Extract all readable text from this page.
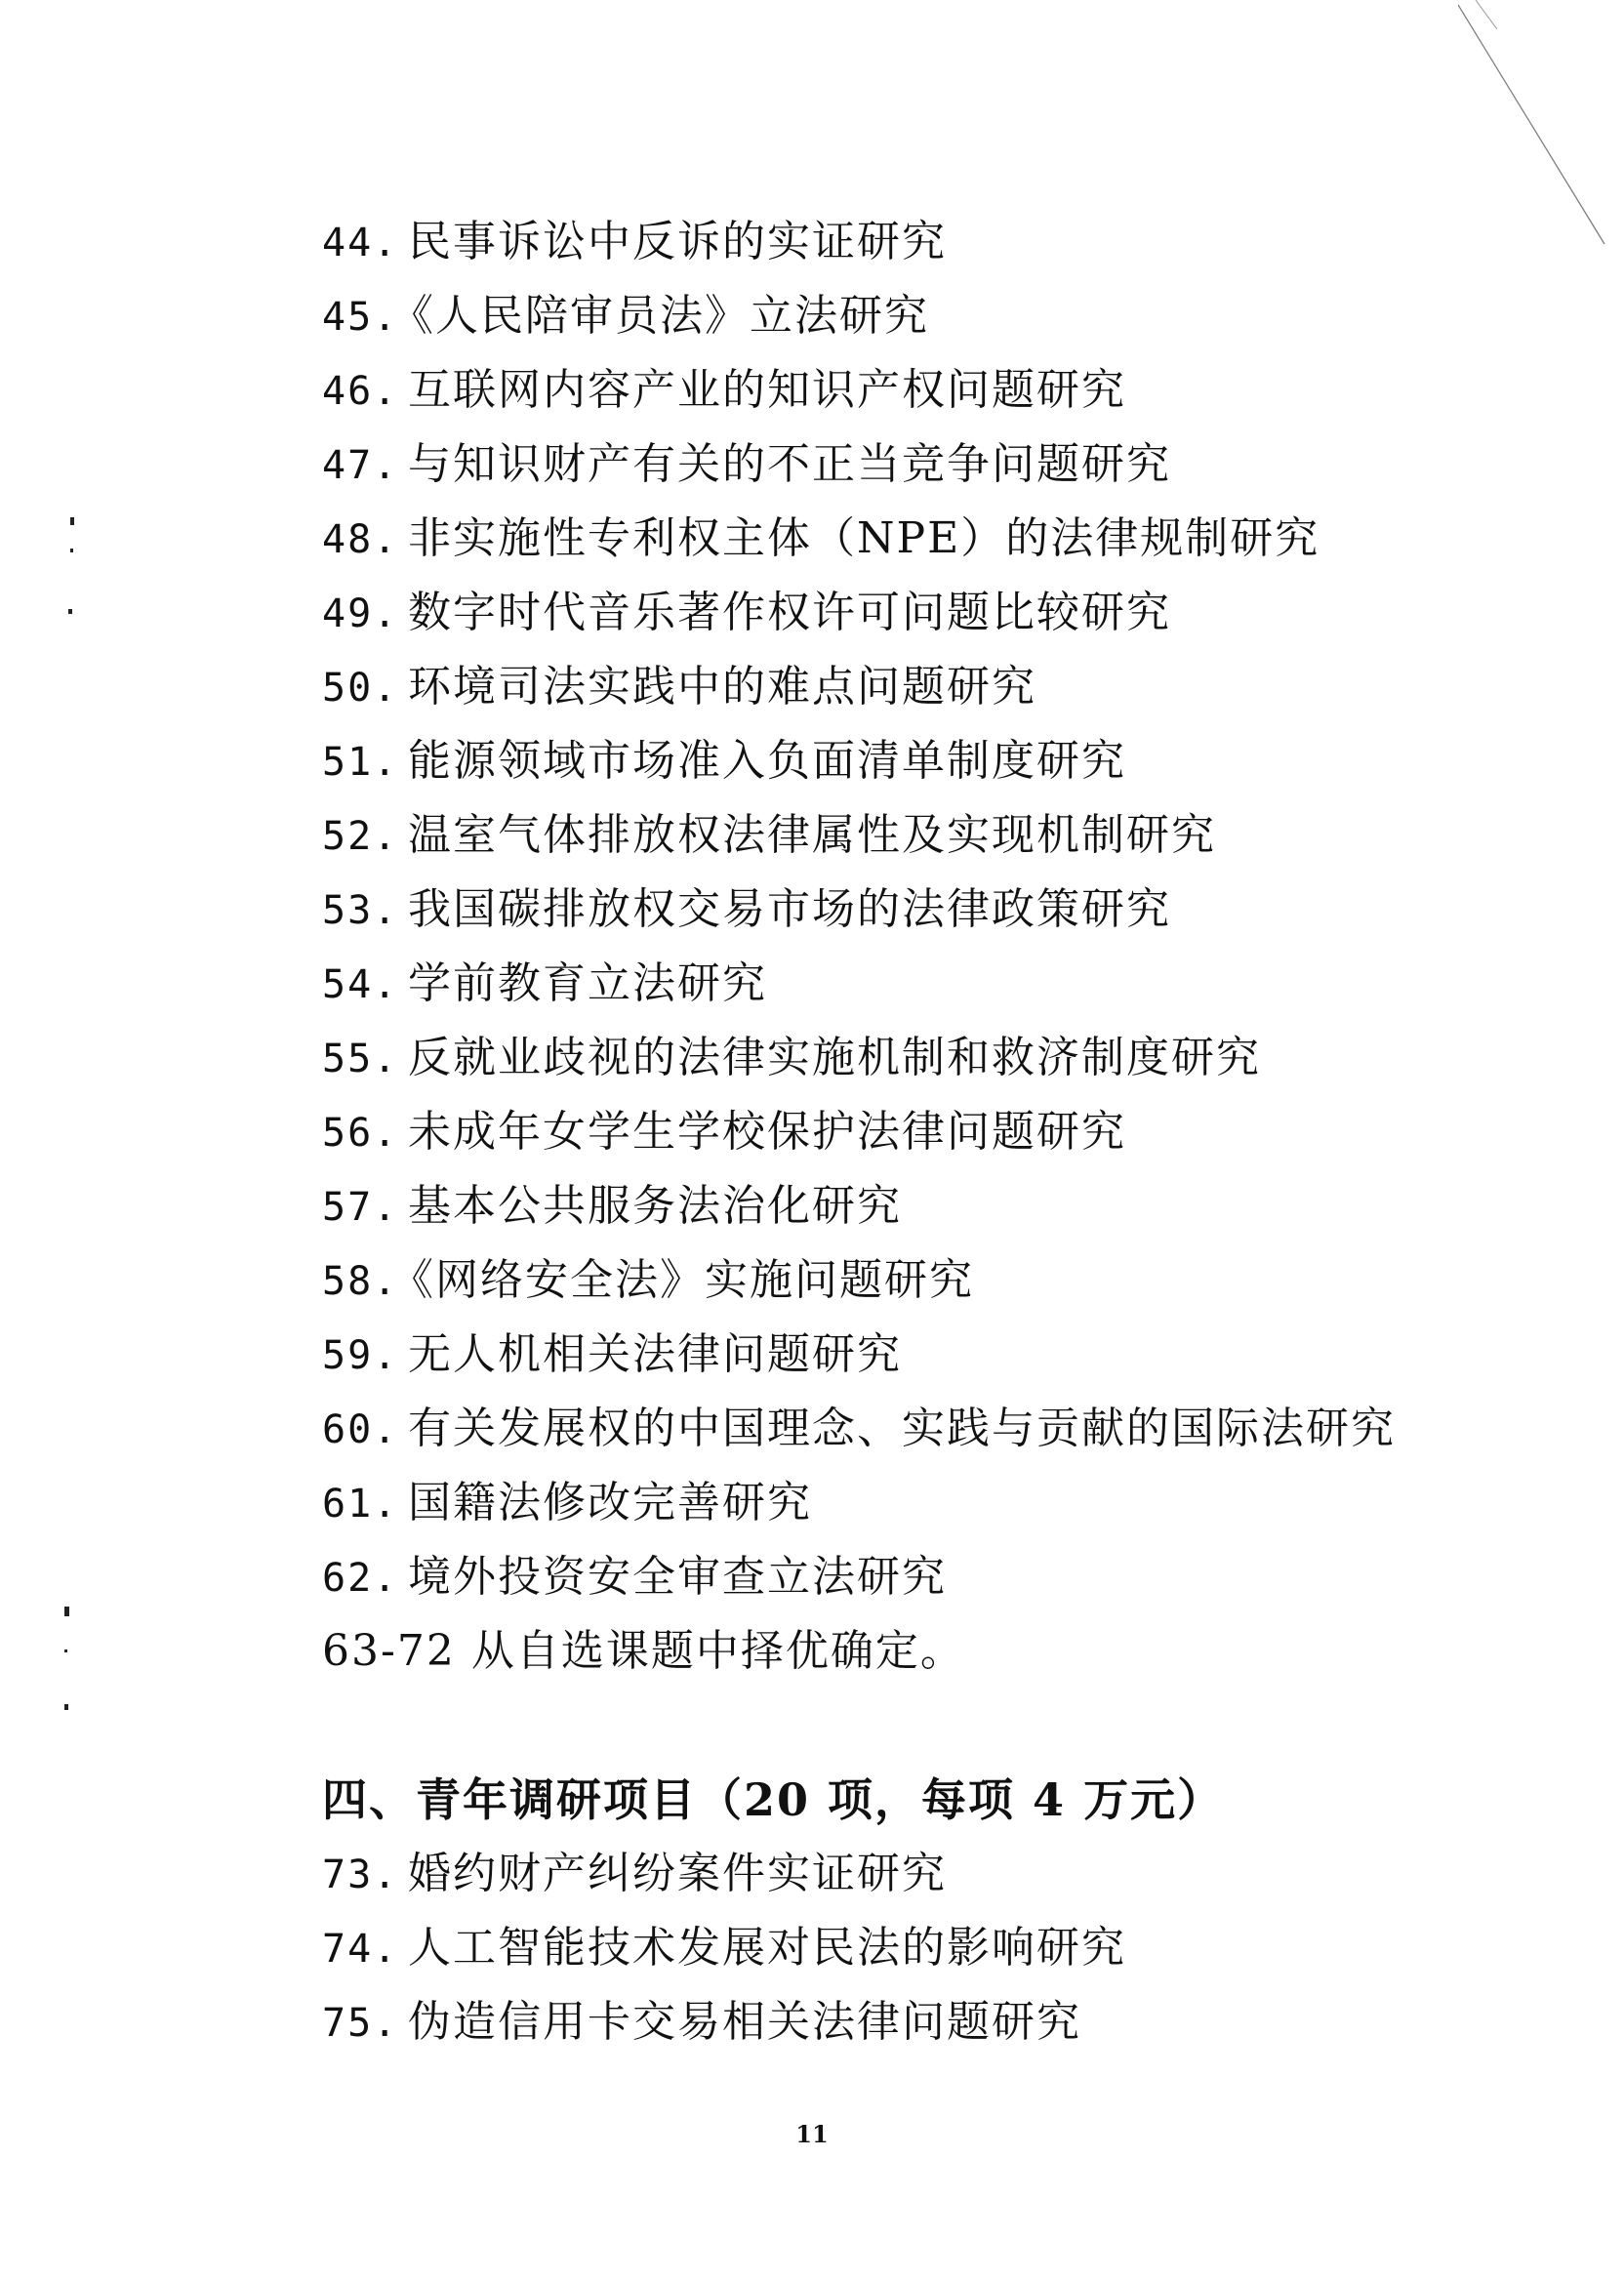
44. 民事诉讼中反诉的实证研究
45.《人民陪审员法》立法研究
46. 互联网内容产业的知识产权问题研究
47. 与知识财产有关的不正当竞争问题研究
48. 非实施性专利权主体（NPE）的法律规制研究
49. 数字时代音乐著作权许可问题比较研究
50. 环境司法实践中的难点问题研究
51. 能源领域市场准入负面清单制度研究
52. 温室气体排放权法律属性及实现机制研究
53. 我国碳排放权交易市场的法律政策研究
54. 学前教育立法研究
55. 反就业歧视的法律实施机制和救济制度研究
56. 未成年女学生学校保护法律问题研究
57. 基本公共服务法治化研究
58.《网络安全法》实施问题研究
59. 无人机相关法律问题研究
60. 有关发展权的中国理念、实践与贡献的国际法研究
61. 国籍法修改完善研究
62. 境外投资安全审查立法研究
63-72 从自选课题中择优确定。
四、青年调研项目（20 项，每项 4 万元）
73. 婚约财产纠纷案件实证研究
74. 人工智能技术发展对民法的影响研究
75. 伪造信用卡交易相关法律问题研究
11
